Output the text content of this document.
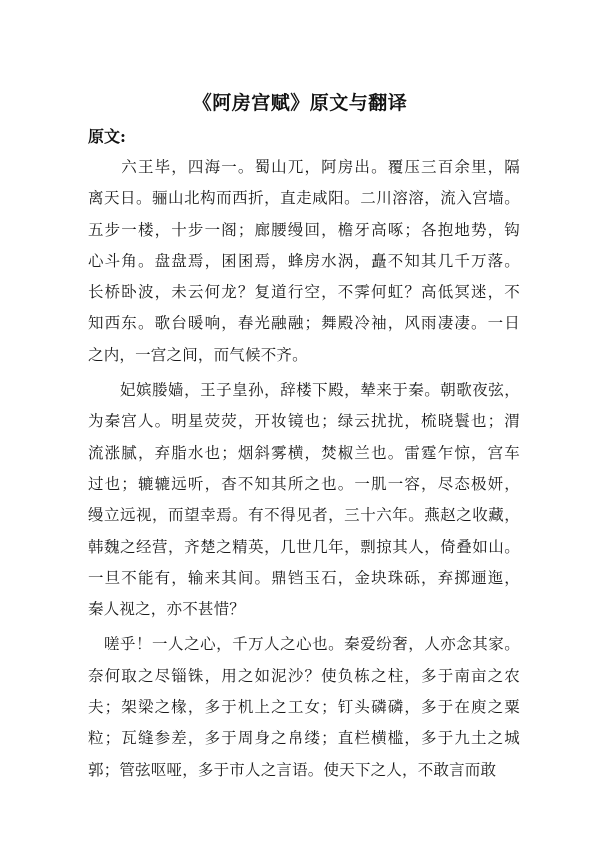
《阿房宫赋》原文与翻译
原文:
　　六王毕，四海一。蜀山兀，阿房出。覆压三百余里，隔
离天日。骊山北构而西折，直走咸阳。二川溶溶，流入宫墙。
五步一楼，十步一阁；廊腰缦回，檐牙高啄；各抱地势，钩
心斗角。盘盘焉，囷囷焉，蜂房水涡，矗不知其几千万落。
长桥卧波，未云何龙？复道行空，不霁何虹？高低冥迷，不
知西东。歌台暖响，春光融融；舞殿冷袖，风雨凄凄。一日
之内，一宫之间，而气候不齐。
　　妃嫔媵嫱，王子皇孙，辞楼下殿，辇来于秦。朝歌夜弦，
为秦宫人。明星荧荧，开妆镜也；绿云扰扰，梳晓鬟也；渭
流涨腻，弃脂水也；烟斜雾横，焚椒兰也。雷霆乍惊，宫车
过也；辘辘远听，杳不知其所之也。一肌一容，尽态极妍，
缦立远视，而望幸焉。有不得见者，三十六年。燕赵之收藏，
韩魏之经营，齐楚之精英，几世几年，剽掠其人，倚叠如山。
一旦不能有，输来其间。鼎铛玉石，金块珠砾，弃掷逦迤，
秦人视之，亦不甚惜？
　嗟乎！一人之心，千万人之心也。秦爱纷奢，人亦念其家。
奈何取之尽锱铢，用之如泥沙？使负栋之柱，多于南亩之农
夫；架梁之椽，多于机上之工女；钉头磷磷，多于在庾之粟
粒；瓦缝参差，多于周身之帛缕；直栏横槛，多于九土之城
郭；管弦呕哑，多于市人之言语。使天下之人，不敢言而敢
